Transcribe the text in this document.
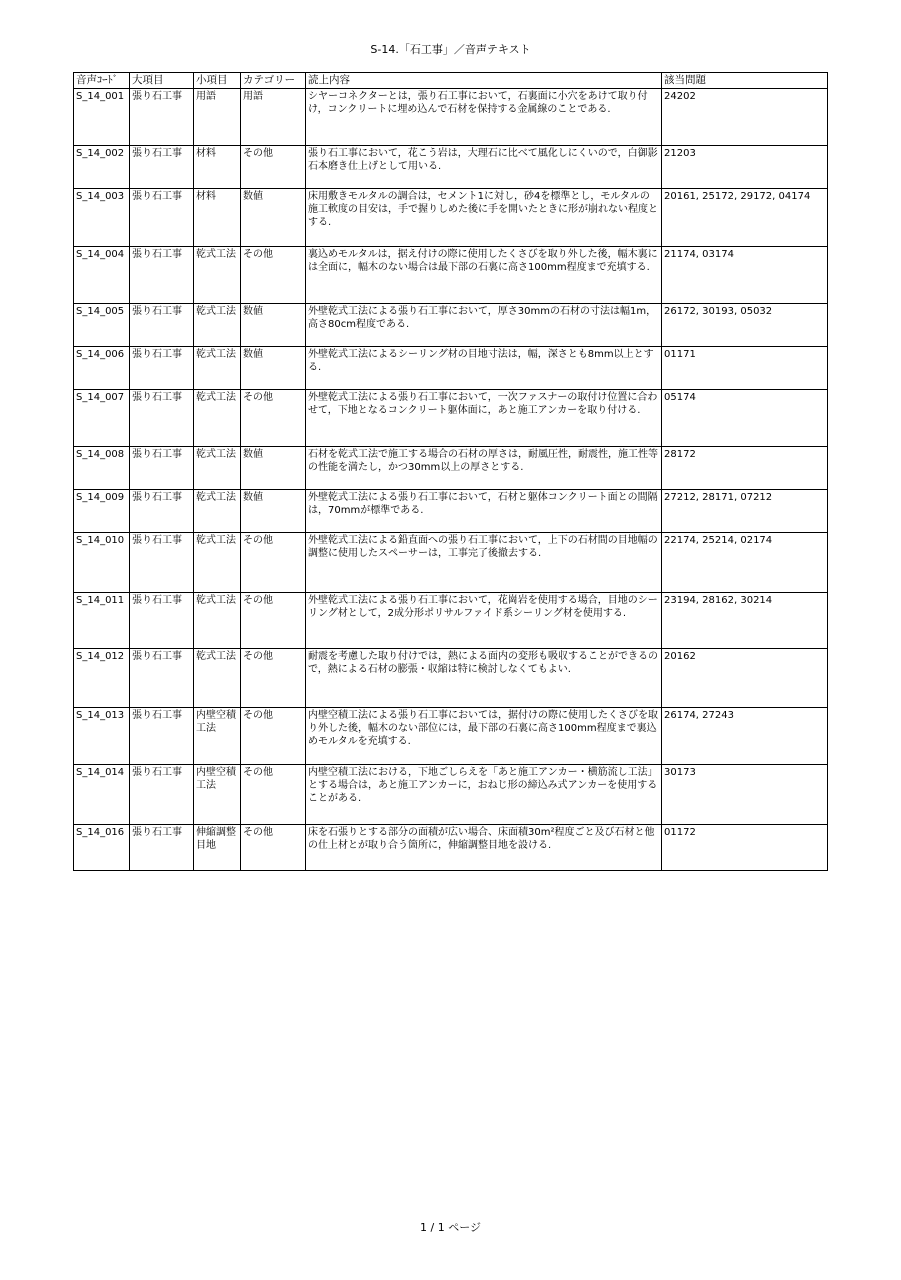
S-14.「石工事」／音声テキスト
音声ｺｰﾄﾞ	大項目	小項目	カテゴリー	読上内容	該当問題
S_14_001	張り石工事	用語	用語	シヤーコネクターとは，張り石工事において，石裏面に小穴をあけて取り付け，コンクリートに埋め込んで石材を保持する金属線のことである.	24202
S_14_002	張り石工事	材料	その他	張り石工事において，花こう岩は，大理石に比べて風化しにくいので，白御影石本磨き仕上げとして用いる.	21203
S_14_003	張り石工事	材料	数値	床用敷きモルタルの調合は，セメント1に対し，砂4を標準とし，モルタルの施工軟度の目安は，手で握りしめた後に手を開いたときに形が崩れない程度とする.	20161, 25172, 29172, 04174
S_14_004	張り石工事	乾式工法	その他	裏込めモルタルは，据え付けの際に使用したくさびを取り外した後，幅木裏には全面に，幅木のない場合は最下部の石裏に高さ100mm程度まで充填する.	21174, 03174
S_14_005	張り石工事	乾式工法	数値	外壁乾式工法による張り石工事において，厚さ30mmの石材の寸法は幅1m，高さ80cm程度である.	26172, 30193, 05032
S_14_006	張り石工事	乾式工法	数値	外壁乾式工法によるシーリング材の目地寸法は，幅，深さとも8mm以上とする.	01171
S_14_007	張り石工事	乾式工法	その他	外壁乾式工法による張り石工事において，一次ファスナーの取付け位置に合わせて，下地となるコンクリート躯体面に，あと施工アンカーを取り付ける.	05174
S_14_008	張り石工事	乾式工法	数値	石材を乾式工法で施工する場合の石材の厚さは，耐風圧性，耐震性，施工性等の性能を満たし，かつ30mm以上の厚さとする.	28172
S_14_009	張り石工事	乾式工法	数値	外壁乾式工法による張り石工事において，石材と躯体コンクリート面との間隔は，70mmが標準である.	27212, 28171, 07212
S_14_010	張り石工事	乾式工法	その他	外壁乾式工法による鉛直面への張り石工事において，上下の石材間の目地幅の調整に使用したスペーサーは，工事完了後撤去する.	22174, 25214, 02174
S_14_011	張り石工事	乾式工法	その他	外壁乾式工法による張り石工事において，花崗岩を使用する場合，目地のシーリング材として，2成分形ポリサルファイド系シーリング材を使用する.	23194, 28162, 30214
S_14_012	張り石工事	乾式工法	その他	耐震を考慮した取り付けでは，熱による面内の変形も吸収することができるので，熱による石材の膨張・収縮は特に検討しなくてもよい.	20162
S_14_013	張り石工事	内壁空積工法	その他	内壁空積工法による張り石工事においては，据付けの際に使用したくさびを取り外した後，幅木のない部位には，最下部の石裏に高さ100mm程度まで裏込めモルタルを充填する.	26174, 27243
S_14_014	張り石工事	内壁空積工法	その他	内壁空積工法における，下地ごしらえを「あと施工アンカー・横筋流し工法」とする場合は，あと施工アンカーに，おねじ形の締込み式アンカーを使用することがある.	30173
S_14_016	張り石工事	伸縮調整目地	その他	床を石張りとする部分の面積が広い場合、床面積30m²程度ごと及び石材と他の仕上材とが取り合う箇所に，伸縮調整目地を設ける.	01172
1 / 1 ページ
